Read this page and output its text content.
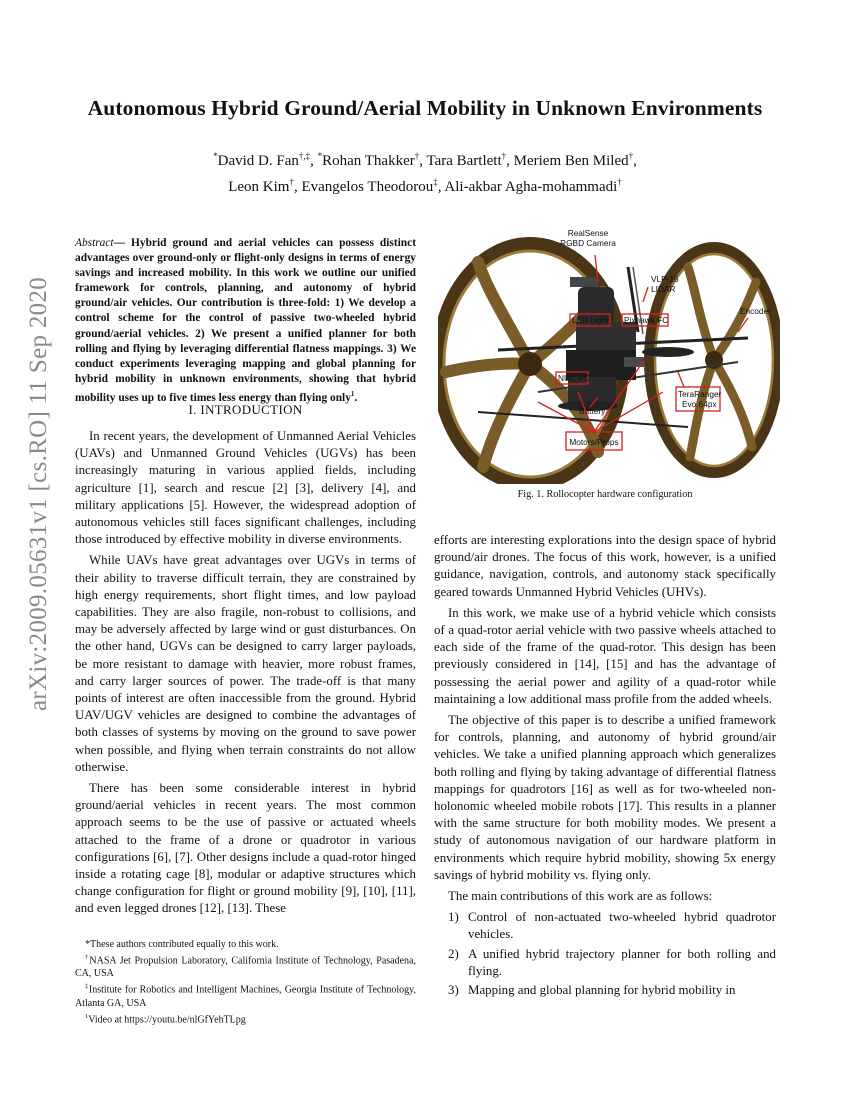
arXiv:2009.05631v1 [cs.RO] 11 Sep 2020
Autonomous Hybrid Ground/Aerial Mobility in Unknown Environments
*David D. Fan†,‡, *Rohan Thakker†, Tara Bartlett†, Meriem Ben Miled†,
Leon Kim†, Evangelos Theodorou‡, Ali-akbar Agha-mohammadi†
Abstract— Hybrid ground and aerial vehicles can possess distinct advantages over ground-only or flight-only designs in terms of energy savings and increased mobility. In this work we outline our unified framework for controls, planning, and autonomy of hybrid ground/air vehicles. Our contribution is three-fold: 1) We develop a control scheme for the control of passive two-wheeled hybrid ground/aerial vehicles. 2) We present a unified planner for both rolling and flying by leveraging differential flatness mappings. 3) We conduct experiments leveraging mapping and global planning for hybrid mobility in unknown environments, showing that hybrid mobility uses up to five times less energy than flying only$^1$.
I. INTRODUCTION

In recent years, the development of Unmanned Aerial Vehicles (UAVs) and Unmanned Ground Vehicles (UGVs) has been increasingly maturing in various applied fields, including agriculture [1], search and rescue [2] [3], delivery [4], and military applications [5]. However, the widespread adoption of autonomous vehicles still faces significant challenges, including those introduced by effective mobility in diverse environments.

While UAVs have great advantages over UGVs in terms of their ability to traverse difficult terrain, they are constrained by high energy requirements, short flight times, and low payload capabilities. They are also fragile, non-robust to collisions, and may be adversely affected by large wind or gust disturbances. On the other hand, UGVs can be designed to carry larger payloads, be more resistant to damage with heavier, more robust frames, and carry larger sources of power. The trade-off is that many points of interest are often inaccessible from the ground. Hybrid UAV/UGV vehicles are designed to combine the advantages of both classes of systems by moving on the ground to save power when possible, and flying when terrain constraints do not allow otherwise.

There has been some considerable interest in hybrid ground/aerial vehicles in recent years. The most common approach seems to be the use of passive or actuated wheels attached to the frame of a drone or quadrotor in various configurations [6], [7]. Other designs include a quad-rotor hinged inside a rotating cage [8], modular or adaptive structures which change configuration for flight or ground mobility [9], [10], [11], and even legged drones [12], [13]. These

*These authors contributed equally to this work.

†NASA Jet Propulsion Laboratory, California Institute of Technology, Pasadena, CA, USA

‡Institute for Robotics and Intelligent Machines, Georgia Institute of Technology, Atlanta GA, USA

$^1$Video at https://youtu.be/nlGfYehTLpg

RealSense
RGBD Camera
VLP-16
LIDAR
Encoder
LED Light Pixhawk FC
NUC PC
TeraRanger
Evo 64px
Battery
Motors/Props
Fig. 1. Rollocopter hardware configuration

efforts are interesting explorations into the design space of hybrid ground/air drones. The focus of this work, however, is a unified guidance, navigation, controls, and autonomy stack specifically geared towards Unmanned Hybrid Vehicles (UHVs).

In this work, we make use of a hybrid vehicle which consists of a quad-rotor aerial vehicle with two passive wheels attached to each side of the frame of the quad-rotor. This design has been previously considered in [14], [15] and has the advantage of possessing the aerial power and agility of a quad-rotor while maintaining a low additional mass profile from the added wheels.

The objective of this paper is to describe a unified framework for controls, planning, and autonomy of hybrid ground/air vehicles. We take a unified planning approach which generalizes both rolling and flying by taking advantage of differential flatness mappings for quadrotors [16] as well as for two-wheeled non-holonomic wheeled mobile robots [17]. This results in a planner with the same structure for both mobility modes. We present a study of autonomous navigation of our hardware platform in environments which require hybrid mobility, showing 5x energy savings of hybrid mobility vs. flying only.

The main contributions of this work are as follows:

1) Control of non-actuated two-wheeled hybrid quadrotor vehicles.
2) A unified hybrid trajectory planner for both rolling and flying.
3) Mapping and global planning for hybrid mobility in
